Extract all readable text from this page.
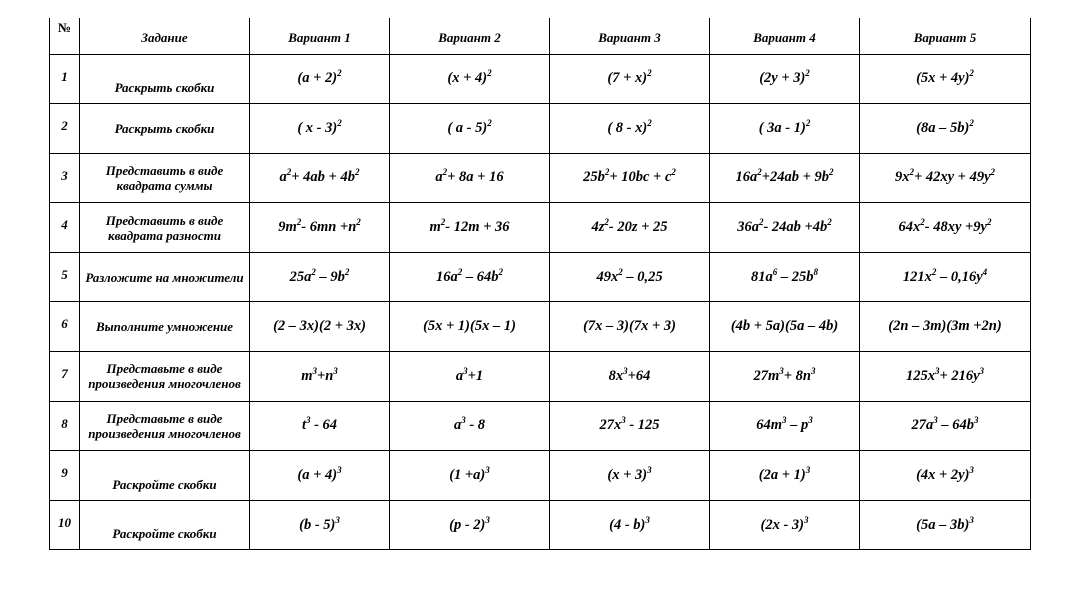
№	Задание	Вариант 1	Вариант 2	Вариант 3	Вариант 4	Вариант 5
1	Раскрыть скобки	$(a + 2)^2$	$(x + 4)^2$	$(7 + x)^2$	$(2y + 3)^2$	$(5x + 4y)^2$
2	Раскрыть скобки	( x - 3)$^2$	( a - 5)$^2$	( 8 - x)$^2$	( 3a - 1)$^2$	(8a – 5b)$^2$
3	Представить в виде квадрата суммы	$a^2+ 4ab + 4b^2$	$a^2+ 8a + 16$	$25b^2+ 10bc + c^2$	$16a^2+24ab + 9b^2$	$9x^2+ 42xy + 49y^2$
4	Представить в виде квадрата разности	$9m^2-$ $6mn +n^2$	$m^2-$ 12m + 36	$4z^2-$ 20z + 25	$36a^2-$ $24ab +4b^2$	$64x^2-$ $48xy +9y^2$
5	Разложите на множители	$25a^2 - 9b^2$	$16a^2 - 64b^2$	$49x^2 - 0,25$	$81a^6 - 25b^8$	$121x^2 - 0,16y^4$
6	Выполните умножение	(2 – 3x)(2 + 3x)	(5x + 1)(5x – 1)	(7x – 3)(7x + 3)	(4b + 5a)(5a – 4b)	(2n – 3m)(3m +2n)
7	Представьте в виде произведения многочленов	$m^3+n^3$	$a^3+1$	$8x^3+64$	$27m^3+ 8n^3$	$125x^3+ 216y^3$
8	Представьте в виде произведения многочленов	$t^3 - 64$	$a^3 - 8$	$27x^3 - 125$	$64m^3 - p^3$	$27a^3 - 64b^3$
9	Раскройте скобки	$(a + 4)^3$	$(1 +a)^3$	$(x + 3)^3$	$(2a + 1)^3$	$(4x + 2y)^3$
10	Раскройте скобки	(b - 5)$^3$	(p - 2)$^3$	(4 - b)$^3$	(2x - 3)$^3$	(5a – 3b)$^3$
